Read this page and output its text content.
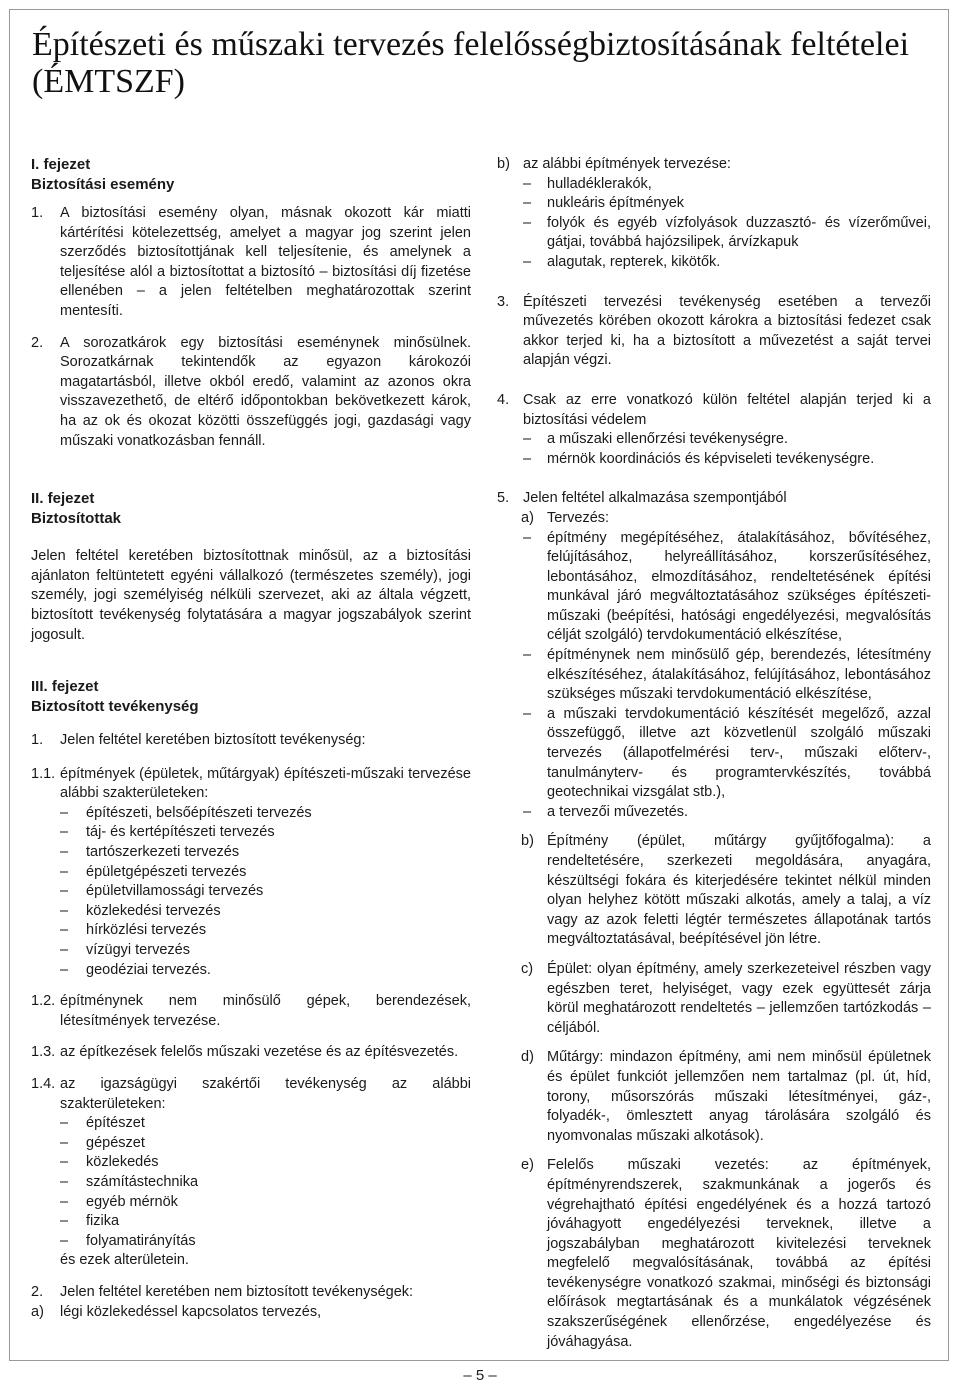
Építészeti és műszaki tervezés felelősségbiztosításának feltételei (ÉMTSZF)
I. fejezet
Biztosítási esemény
1.	A biztosítási esemény olyan, másnak okozott kár miatti kártérítési kötelezettség, amelyet a magyar jog szerint jelen szerződés biztosítottjának kell teljesítenie, és amelynek a teljesítése alól a biztosítottat a biztosító – biztosítási díj fizetése ellenében – a jelen feltételben meghatározottak szerint mentesíti.
2.	A sorozatkárok egy biztosítási eseménynek minősülnek. Sorozatkárnak tekintendők az egyazon károkozói magatartásból, illetve okból eredő, valamint az azonos okra visszavezethető, de eltérő időpontokban bekövetkezett károk, ha az ok és okozat közötti összefüggés jogi, gazdasági vagy műszaki vonatkozásban fennáll.
II. fejezet
Biztosítottak

Jelen feltétel keretében biztosítottnak minősül, az a biztosítási ajánlaton feltüntetett egyéni vállalkozó (természetes személy), jogi személy, jogi személyiség nélküli szervezet, aki az általa végzett, biztosított tevékenység folytatására a magyar jogszabályok szerint jogosult.

III. fejezet
Biztosított tevékenység
1.	Jelen feltétel keretében biztosított tevékenység:
1.1. építmények (épületek, műtárgyak) építészeti-műszaki tervezése alábbi szakterületeken:
–	építészeti, belsőépítészeti tervezés
–	táj- és kertépítészeti tervezés
–	tartószerkezeti tervezés
–	épületgépészeti tervezés
–	épületvillamossági tervezés
–	közlekedési tervezés
–	hírközlési tervezés
–	vízügyi tervezés
–	geodéziai tervezés.
1.2. építménynek nem minősülő gépek, berendezések, létesítmények tervezése.
1.3. az építkezések felelős műszaki vezetése és az építésvezetés.
1.4. az igazságügyi szakértői tevékenység az alábbi szakterületeken:
–	építészet
–	gépészet
–	közlekedés
–	számítástechnika
–	egyéb mérnök
–	fizika
–	folyamatirányítás
és ezek alterületein.
2.	Jelen feltétel keretében nem biztosított tevékenységek:
a)	légi közlekedéssel kapcsolatos tervezés,
b) az alábbi építmények tervezése:
–	hulladéklerakók,
–	nukleáris építmények
–	folyók és egyéb vízfolyások duzzasztó- és vízerőművei, gátjai, továbbá hajózsilipek, árvízkapuk
–	alagutak, repterek, kikötők.
3. Építészeti tervezési tevékenység esetében a tervezői művezetés körében okozott károkra a biztosítási fedezet csak akkor terjed ki, ha a biztosított a művezetést a saját tervei alapján végzi.
4. Csak az erre vonatkozó külön feltétel alapján terjed ki a biztosítási védelem
–	a műszaki ellenőrzési tevékenységre.
–	mérnök koordinációs és képviseleti tevékenységre.
5. Jelen feltétel alkalmazása szempontjából
a) Tervezés:
–	építmény megépítéséhez, átalakításához, bővítéséhez, felújításához, helyreállításához, korszerűsítéséhez, lebontásához, elmozdításához, rendeltetésének építési munkával járó megváltoztatásához szükséges építészeti-műszaki (beépítési, hatósági engedélyezési, megvalósítás célját szolgáló) tervdokumentáció elkészítése,
–	építménynek nem minősülő gép, berendezés, létesítmény elkészítéséhez, átalakításához, felújításához, lebontásához szükséges műszaki tervdokumentáció elkészítése,
–	a műszaki tervdokumentáció készítését megelőző, azzal összefüggő, illetve azt közvetlenül szolgáló műszaki tervezés (állapotfelmérési terv-, műszaki előterv-, tanulmányterv- és programtervkészítés, továbbá geotechnikai vizsgálat stb.),
–	a tervezői művezetés.
b) Építmény (épület, műtárgy gyűjtőfogalma): a rendeltetésére, szerkezeti megoldására, anyagára, készültségi fokára és kiterjedésére tekintet nélkül minden olyan helyhez kötött műszaki alkotás, amely a talaj, a víz vagy az azok feletti légtér természetes állapotának tartós megváltoztatásával, beépítésével jön létre.
c) Épület: olyan építmény, amely szerkezeteivel részben vagy egészben teret, helyiséget, vagy ezek együttesét zárja körül meghatározott rendeltetés – jellemzően tartózkodás – céljából.
d) Műtárgy: mindazon építmény, ami nem minősül épületnek és épület funkciót jellemzően nem tartalmaz (pl. út, híd, torony, műsorszórás műszaki létesítményei, gáz-, folyadék-, ömlesztett anyag tárolására szolgáló és nyomvonalas műszaki alkotások).
e) Felelős műszaki vezetés: az építmények, építményrendszerek, szakmunkának a jogerős és végrehajtható építési engedélyének és a hozzá tartozó jóváhagyott engedélyezési terveknek, illetve a jogszabályban meghatározott kivitelezési terveknek megfelelő megvalósításának, továbbá az építési tevékenységre vonatkozó szakmai, minőségi és biztonsági előírások megtartásának és a munkálatok végzésének szakszerűségének ellenőrzése, engedélyezése és jóváhagyása.
– 5 –
